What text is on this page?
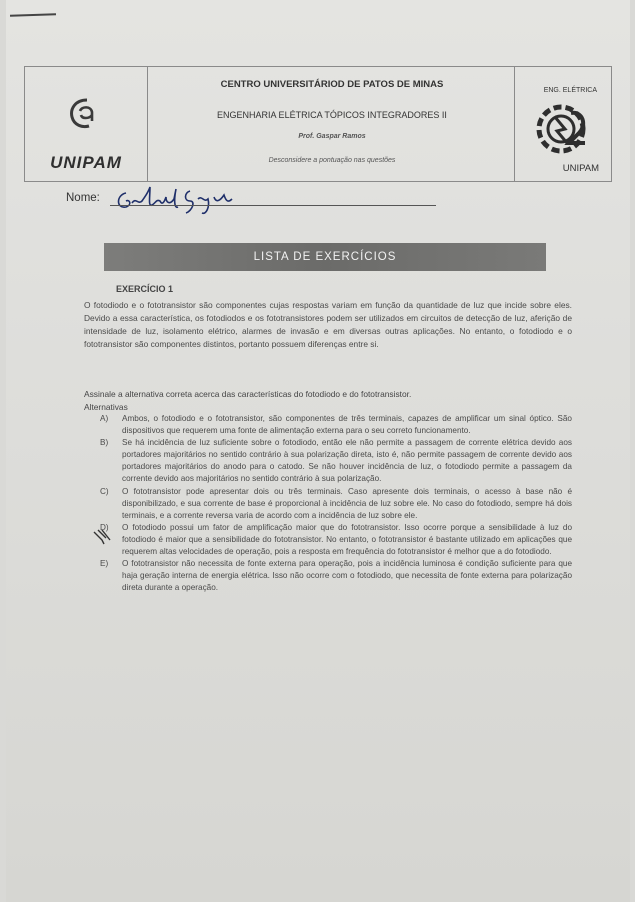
UNIPAM
CENTRO UNIVERSITÁRIOD DE PATOS DE MINAS
ENGENHARIA ELÉTRICA TÓPICOS INTEGRADORES II
Prof. Gaspar Ramos
Desconsidere a pontuação nas questões
ENG. ELÉTRICA
UNIPAM
Nome:
LISTA DE EXERCÍCIOS
EXERCÍCIO 1
O fotodiodo e o fototransistor são componentes cujas respostas variam em função da quantidade de luz que incide sobre eles. Devido a essa característica, os fotodiodos e os fototransistores podem ser utilizados em circuitos de detecção de luz, aferição de intensidade de luz, isolamento elétrico, alarmes de invasão e em diversas outras aplicações. No entanto, o fotodiodo e o fototransistor são componentes distintos, portanto possuem diferenças entre si.
Assinale a alternativa correta acerca das características do fotodiodo e do fototransistor.
Alternativas
A) Ambos, o fotodiodo e o fototransistor, são componentes de três terminais, capazes de amplificar um sinal óptico. São dispositivos que requerem uma fonte de alimentação externa para o seu correto funcionamento.
B) Se há incidência de luz suficiente sobre o fotodiodo, então ele não permite a passagem de corrente elétrica devido aos portadores majoritários no sentido contrário à sua polarização direta, isto é, não permite passagem de corrente devido aos portadores majoritários do anodo para o catodo. Se não houver incidência de luz, o fotodiodo permite a passagem da corrente devido aos majoritários no sentido contrário à sua polarização.
C) O fototransistor pode apresentar dois ou três terminais. Caso apresente dois terminais, o acesso à base não é disponibilizado, e sua corrente de base é proporcional à incidência de luz sobre ele. No caso do fotodiodo, sempre há dois terminais, e a corrente reversa varia de acordo com a incidência de luz sobre ele.
D) O fotodiodo possui um fator de amplificação maior que do fototransistor. Isso ocorre porque a sensibilidade à luz do fotodiodo é maior que a sensibilidade do fototransistor. No entanto, o fototransistor é bastante utilizado em aplicações que requerem altas velocidades de operação, pois a resposta em frequência do fototransistor é melhor que a do fotodiodo.
E) O fototransistor não necessita de fonte externa para operação, pois a incidência luminosa é condição suficiente para que haja geração interna de energia elétrica. Isso não ocorre com o fotodiodo, que necessita de fonte externa para polarização direta durante a operação.
